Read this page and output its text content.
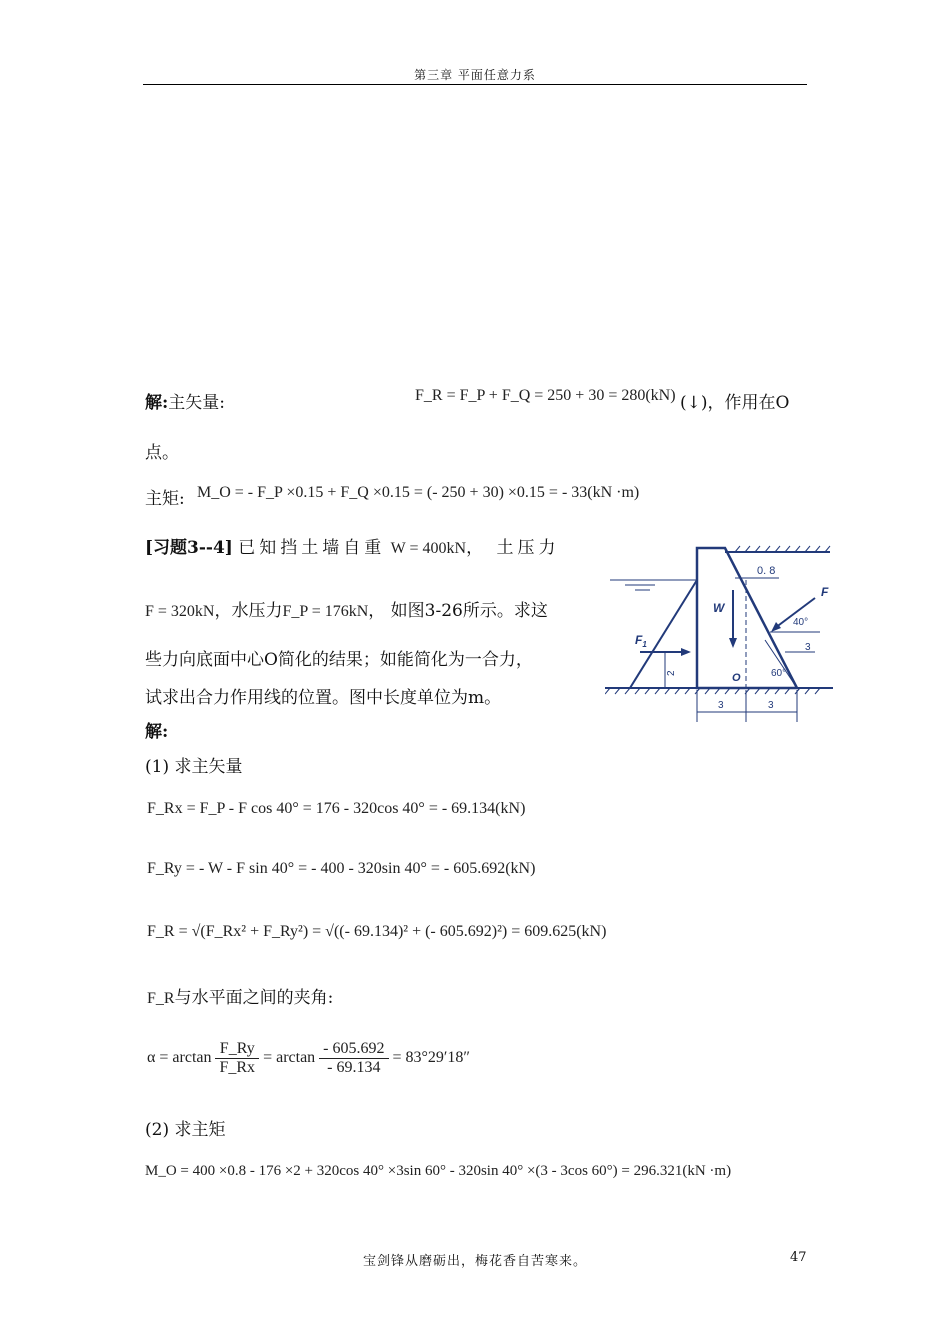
第三章 平面任意力系
解:主矢量:	F_R = F_P + F_Q = 250 + 30 = 280(kN) (↓)，作用在O
点。
主矩: M_O = - F_P ×0.15 + F_Q ×0.15 = (- 250 + 30) ×0.15 = - 33(kN ·m)
[习题3--4] 已知挡土墙自重 W = 400kN， 土压力
F = 320kN，水压力F_P = 176kN， 如图3-26所示。求这
些力向底面中心O简化的结果；如能简化为一合力，
试求出合力作用线的位置。图中长度单位为m。
0. 8
W
F
40°
3
60°
$F_1$
2	O
3	3
解:
(1) 求主矢量
F_Rx = F_P - F cos 40° = 176 - 320cos 40° = - 69.134(kN)
F_Ry = - W - F sin 40° = - 400 - 320sin 40° = - 605.692(kN)
F_R = √(F_Rx² + F_Ry²) = √((- 69.134)² + (- 605.692)²) = 609.625(kN)
F_R与水平面之间的夹角:
$\alpha = \arctan \frac{F\_Ry}{F\_Rx} = \arctan \frac{- 605.692}{- 69.134} = 83^\circ 29'18''$
(2) 求主矩
M_O = 400 ×0.8 - 176 ×2 + 320cos 40° ×3sin 60° - 320sin 40° ×(3 - 3cos 60°) = 296.321(kN ·m)
宝剑锋从磨砺出，梅花香自苦寒来。	47
